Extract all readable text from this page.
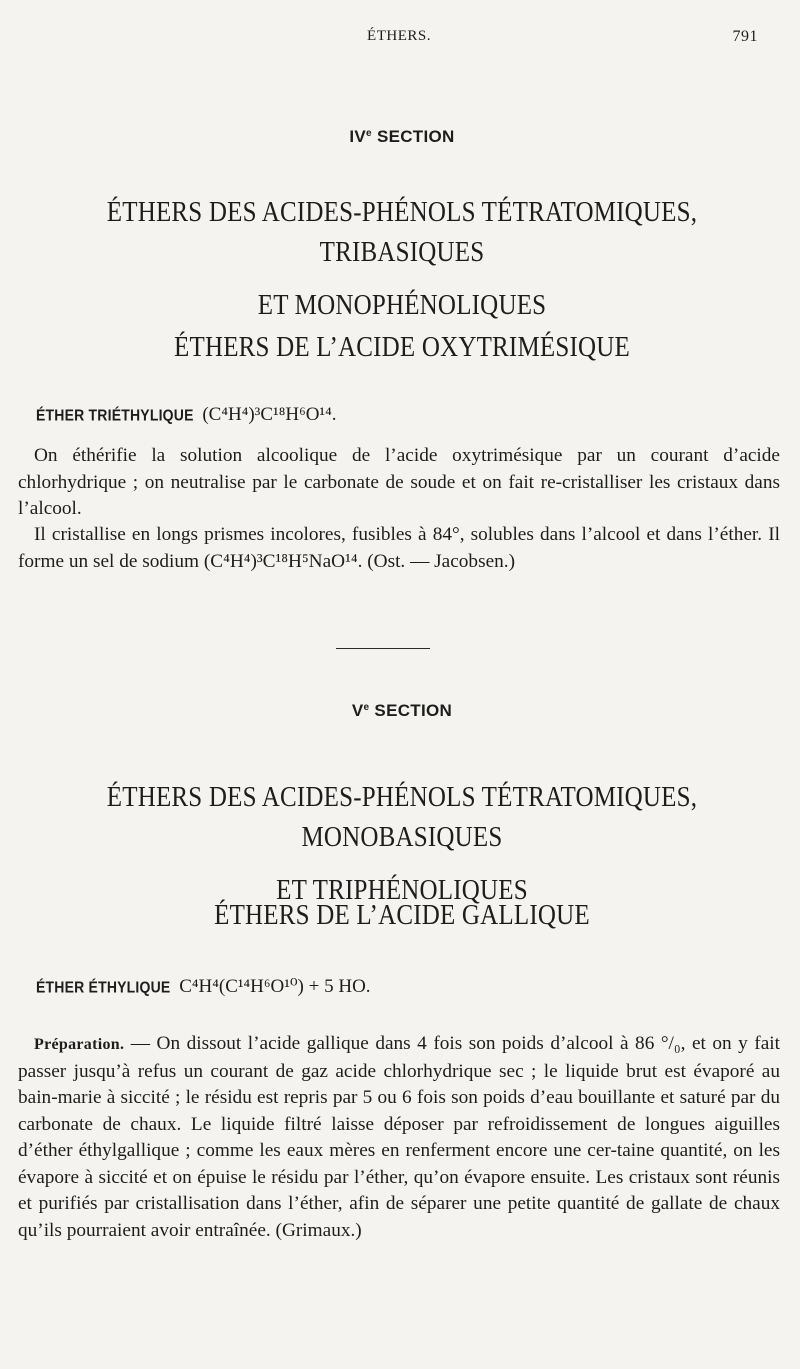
ÉTHERS.	791
IVe SECTION
ÉTHERS DES ACIDES-PHÉNOLS TÉTRATOMIQUES, TRIBASIQUES
ET MONOPHÉNOLIQUES
ÉTHERS DE L’ACIDE OXYTRIMÉSIQUE
ÉTHER TRIÉTHYLIQUE (C⁴H⁴)³C¹⁸H⁶O¹⁴.

On éthérifie la solution alcoolique de l’acide oxytrimésique par un courant d’acide chlorhydrique ; on neutralise par le carbonate de soude et on fait re-cristalliser les cristaux dans l’alcool.

Il cristallise en longs prismes incolores, fusibles à 84°, solubles dans l’alcool et dans l’éther. Il forme un sel de sodium (C⁴H⁴)³C¹⁸H⁵NaO¹⁴. (Ost. — Jacobsen.)

Ve SECTION
ÉTHERS DES ACIDES-PHÉNOLS TÉTRATOMIQUES, MONOBASIQUES
ET TRIPHÉNOLIQUES
ÉTHERS DE L’ACIDE GALLIQUE
ÉTHER ÉTHYLIQUE C⁴H⁴(C¹⁴H⁶O¹⁰) + 5 HO.

Préparation. — On dissout l’acide gallique dans 4 fois son poids d’alcool à 86 °/₀, et on y fait passer jusqu’à refus un courant de gaz acide chlorhydrique sec ; le liquide brut est évaporé au bain-marie à siccité ; le résidu est repris par 5 ou 6 fois son poids d’eau bouillante et saturé par du carbonate de chaux. Le liquide filtré laisse déposer par refroidissement de longues aiguilles d’éther éthylgallique ; comme les eaux mères en renferment encore une cer-taine quantité, on les évapore à siccité et on épuise le résidu par l’éther, qu’on évapore ensuite. Les cristaux sont réunis et purifiés par cristallisation dans l’éther, afin de séparer une petite quantité de gallate de chaux qu’ils pourraient avoir entraînée. (Grimaux.)
